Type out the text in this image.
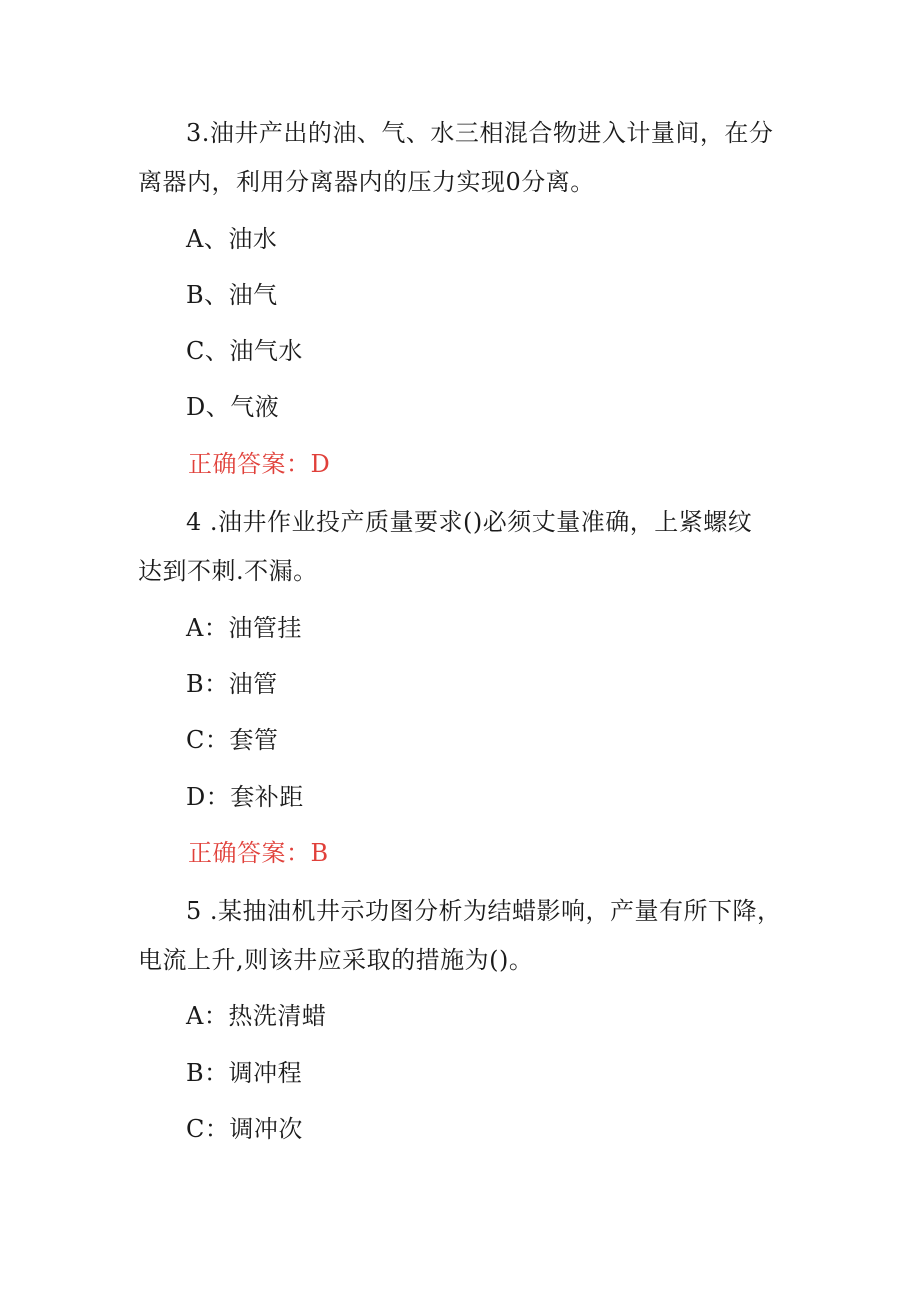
3.油井产出的油、气、水三相混合物进入计量间，在分
离器内，利用分离器内的压力实现0分离。
A、油水
B、油气
C、油气水
D、气液
正确答案：D
4 .油井作业投产质量要求()必须丈量准确，上紧螺纹
达到不刺.不漏。
A：油管挂
B：油管
C：套管
D：套补距
正确答案：B
5 .某抽油机井示功图分析为结蜡影响，产量有所下降，
电流上升,则该井应采取的措施为()。
A：热洗清蜡
B：调冲程
C：调冲次
